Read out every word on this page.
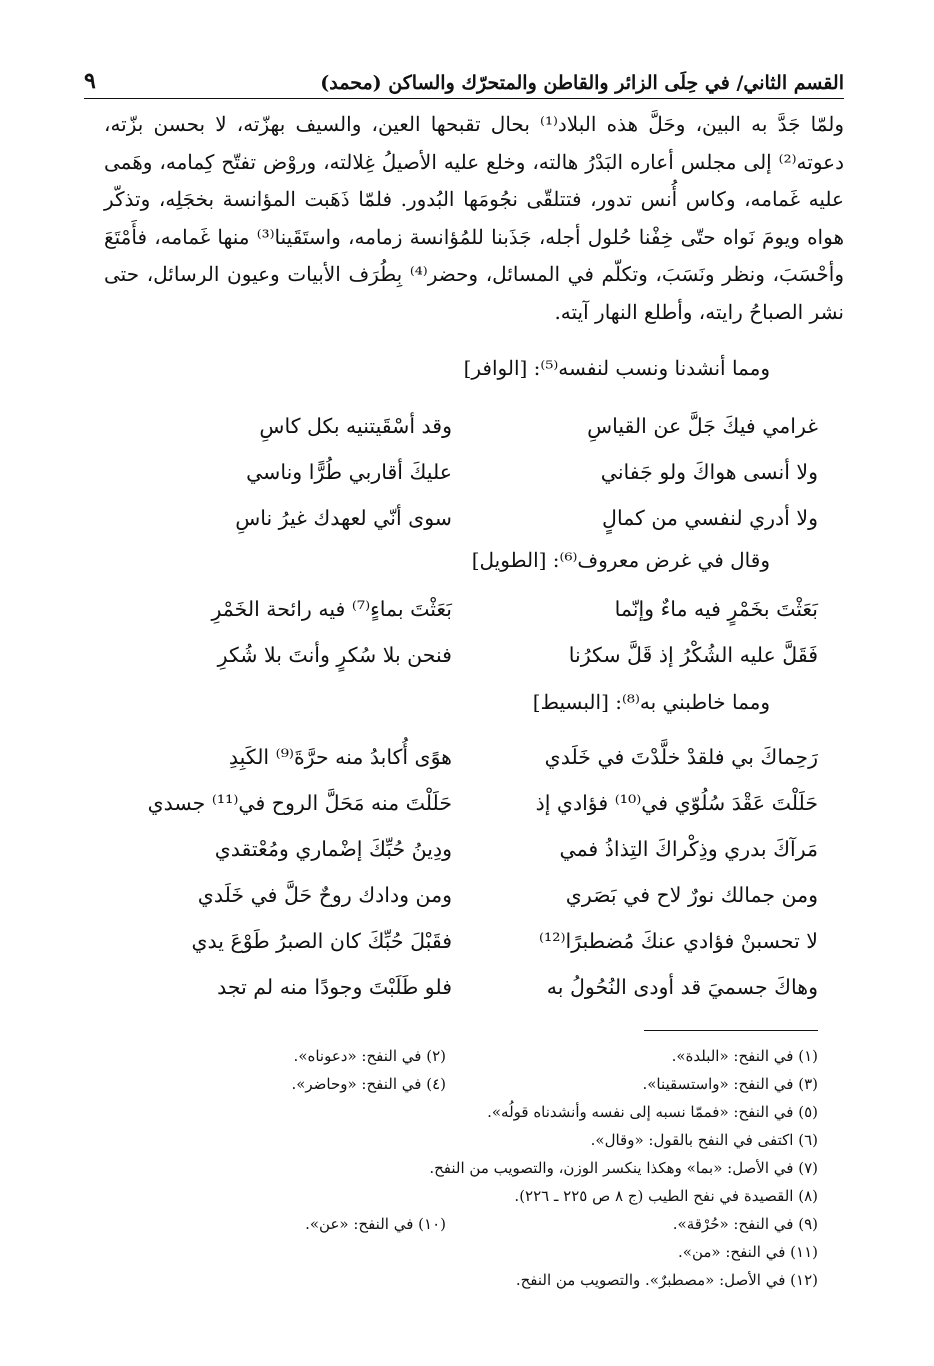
القسم الثاني/ في حِلَى الزائر والقاطن والمتحرّك والساكن (محمد)
٩

ولمّا جَدَّ به البين، وحَلَّ هذه البلاد⁽¹⁾ بحال تقبحها العين، والسيف بهزّته، لا بحسن بزّته، دعوته⁽²⁾ إلى مجلس أعاره البَدْرُ هالته، وخلع عليه الأصيلُ غِلالته، وروْض تفتّح كِمامه، وهَمى عليه غَمامه، وكاس أُنس تدور، فتتلقّى نجُومَها البُدور. فلمّا ذَهَبت المؤانسة بخجَلِه، وتذكّر هواه ويومَ نَواه حتّى خِفْنا حُلول أجله، جَذَبنا للمُؤانسة زمامه، واستَقَينا⁽³⁾ منها غَمامه، فأَمْتَعَ وأحْسَبَ، ونظر ونَسَبَ، وتكلّم في المسائل، وحضر⁽⁴⁾ بِطُرَف الأبيات وعيون الرسائل، حتى نشر الصباحُ رايته، وأطلع النهار آيته.

ومما أنشدنا ونسب لنفسه⁽⁵⁾: [الوافر]
غرامي فيكَ جَلَّ عن القياسِ
وقد أسْقَيتنيه بكل كاسِ
ولا أنسى هواكَ ولو جَفاني
عليكَ أقاربي طُرًّا وناسي
ولا أدري لنفسي من كمالٍ
سوى أنّي لعهدك غيرُ ناسِ
وقال في غرض معروف⁽⁶⁾: [الطويل]
بَعَثْتَ بخَمْرٍ فيه ماءٌ وإنّما
بَعَثْتَ بماءٍ⁽⁷⁾ فيه رائحة الخَمْرِ
فَقَلَّ عليه الشُكْرُ إذ قَلَّ سكرُنا
فنحن بلا سُكرٍ وأنتَ بلا شُكرِ
ومما خاطبني به⁽⁸⁾: [البسيط]
رَحِماكَ بي فلقدْ خلَّدْتَ في خَلَدي
هوًى أُكابدُ منه حرَّةَ⁽⁹⁾ الكَبِدِ
حَلَلْتَ عَقْدَ سُلُوّي في⁽¹⁰⁾ فؤادي إذ
حَلَلْتَ منه مَحَلَّ الروح في⁽¹¹⁾ جسدي
مَرآكَ بدري وذِكْراكَ التِذاذُ فمي
ودِينُ حُبِّكَ إضْماري ومُعْتقدي
ومن جمالك نورٌ لاح في بَصَري
ومن ودادك روحٌ حَلَّ في خَلَدي
لا تحسبنْ فؤادي عنكَ مُضطبرًا⁽¹²⁾
فقَبْلَ حُبِّكَ كان الصبرُ طَوْعَ يدي
وهاكَ جسميَ قد أودى النُحُولُ به
فلو طَلَبْتَ وجودًا منه لم تجد
(١) في النفح: «البلدة».
(٢) في النفح: «دعوناه».
(٣) في النفح: «واستسقينا».
(٤) في النفح: «وحاضر».
(٥) في النفح: «فممّا نسبه إلى نفسه وأنشدناه قولُه».
(٦) اكتفى في النفح بالقول: «وقال».
(٧) في الأصل: «بما» وهكذا ينكسر الوزن، والتصويب من النفح.
(٨) القصيدة في نفح الطيب (ج ٨ ص ٢٢٥ ـ ٢٢٦).
(٩) في النفح: «حُرْقة».
(١٠) في النفح: «عن».
(١١) في النفح: «من».
(١٢) في الأصل: «مصطبرٌ». والتصويب من النفح.
